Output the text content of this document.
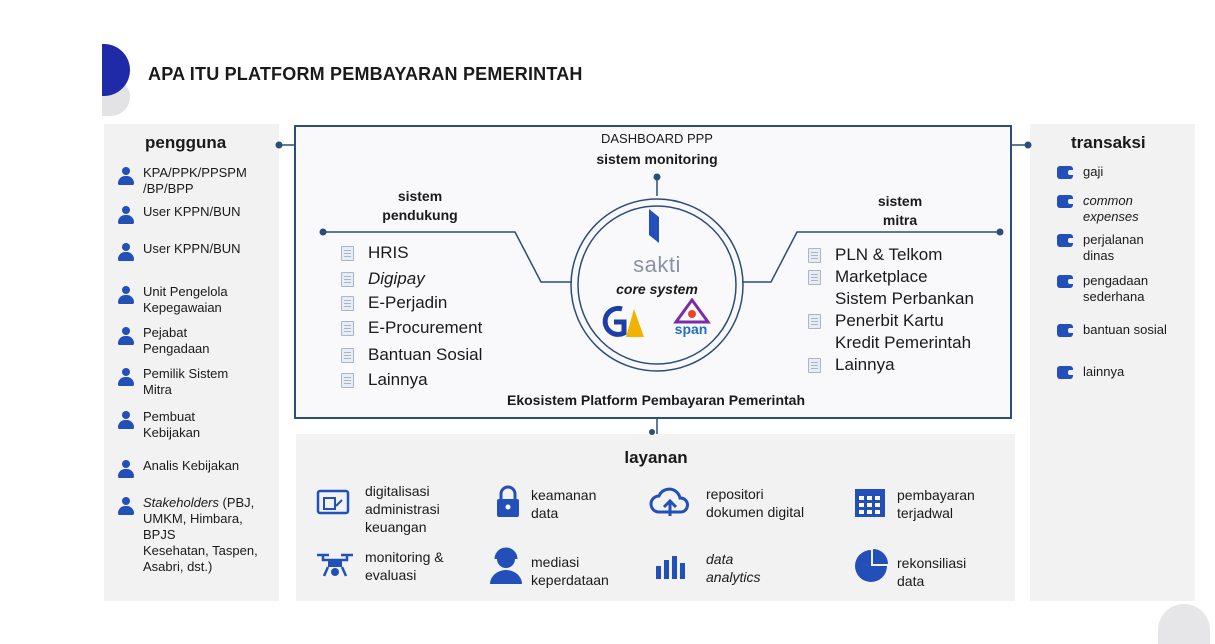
APA ITU PLATFORM PEMBAYARAN PEMERINTAH
pengguna
KPA/PPK/PPSPM
/BP/BPP
User KPPN/BUN
User KPPN/BUN
Unit Pengelola
Kepegawaian
Pejabat
Pengadaan
Pemilik Sistem
Mitra
Pembuat
Kebijakan
Analis Kebijakan
Stakeholders (PBJ,
UMKM, Himbara, BPJS
Kesehatan, Taspen,
Asabri, dst.)
DASHBOARD PPP
sistem monitoring
sistem
pendukung
HRIS
Digipay
E-Perjadin
E-Procurement
Bantuan Sosial
Lainnya
sistem
mitra
PLN & Telkom
Marketplace
Sistem Perbankan
Penerbit Kartu
Kredit Pemerintah
Lainnya
sakti
core system
span
Ekosistem Platform Pembayaran Pemerintah
transaksi
gaji
common
expenses
perjalanan
dinas
pengadaan
sederhana
bantuan sosial
lainnya
layanan
digitalisasi
administrasi
keuangan
keamanan
data
repositori
dokumen digital
pembayaran
terjadwal
monitoring &
evaluasi
mediasi
keperdataan
data
analytics
rekonsiliasi
data
